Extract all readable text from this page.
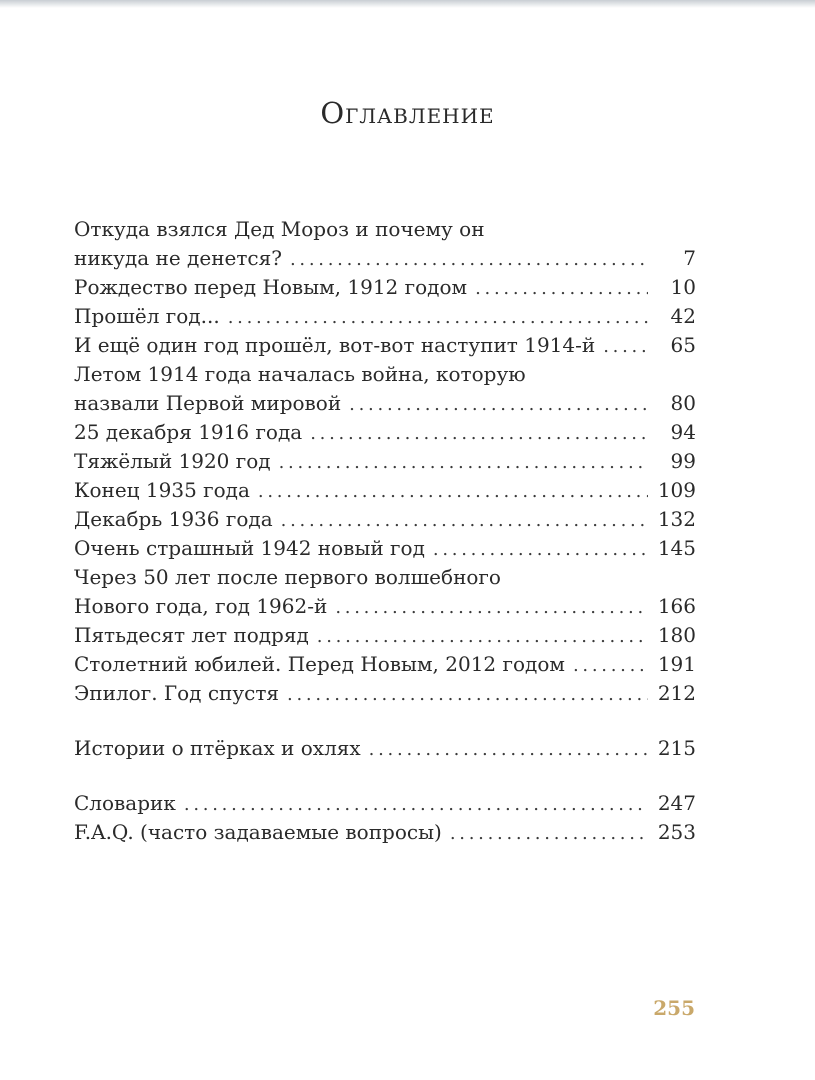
Оглавление
Откуда взялся Дед Мороз и почему он
никуда не денется? . . .	7
Рождество перед Новым, 1912 годом . . .	10
Прошёл год... . . .	42
И ещё один год прошёл, вот-вот наступит 1914-й . . .	65
Летом 1914 года началась война, которую
назвали Первой мировой . . .	80
25 декабря 1916 года . . .	94
Тяжёлый 1920 год . . .	99
Конец 1935 года . . .	109
Декабрь 1936 года . . .	132
Очень страшный 1942 новый год . . .	145
Через 50 лет после первого волшебного
Нового года, год 1962-й . . .	166
Пятьдесят лет подряд . . .	180
Столетний юбилей. Перед Новым, 2012 годом . . .	191
Эпилог. Год спустя . . .	212
Истории о птёрках и охлях . . .	215
Словарик . . .	247
F.A.Q. (часто задаваемые вопросы) . . .	253
255
